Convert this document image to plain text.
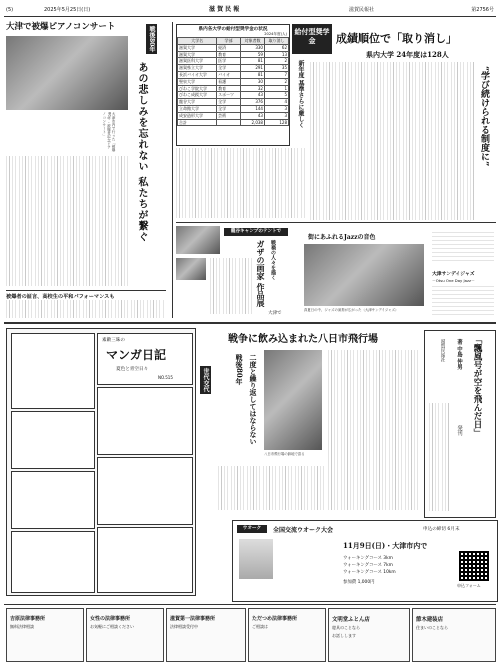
(5)	2025年5月25日(日)	滋 賀 民 報	滋賀民報社	第2756号
大津で被爆ピアノコンサート	戦後80年
大津市内で行った「被爆80年・被爆者記念ピアノコンサート」	あの悲しみを忘れない 私たちが繋ぐ
被爆者の証言、高校生の平和パフォーマンスも
県内各大学の給付型奨学金の状況
2024年度(人)
大学名	学部	対象者数	取り消し
滋賀大学	経済	330	62
滋賀大学	教育	59	13
滋賀医科大学	医学	81	2
滋賀県立大学	全学	291	35
長浜バイオ大学	バイオ	81	7
聖泉大学	看護	30	2
びわこ学院大学	教育	32	1
びわこ成蹊大学	スポーツ	43	5
龍谷大学	全学	376	4
立命館大学	全学	144	3
成安造形大学	芸術	43	3
合計		2,038	128
給付型奨学金	成績順位で「取り消し」
県内大学 24年度は128人
“学び続けられる制度に”
新年度 基準さらに厳しく
龍谷キャンプのテントで
ガザの画家 作品展 戦禍の人々を描く
大津で
街にあふれるJazzの音色
真夏日の中、ジャズの演奏が広がった（大津サンデイジャズ）
大津サンデイジャズ
－Otsu One Day Jazz－
素敵三昧の
マンガ日記
夏色と青空日々
NO.515
戦争に飲み込まれた八日市飛行場
世代交代	戦後80年 二度と繰り返してはならない
八日市飛行場の跡地で語る
「飄風号が空を飛んだ日」
著 中島 仲男
発刊
滋賀民報社
ウオーク	全国交流ウオーク大会	申込の締切 6月末
11月9日(日)・大津市内で
ウォーキングコース 3km
ウォーキングコース 7km
ウォーキングコース 10km
参加費 1,000円
申込フォーム
吉原法律事務所
無料法律相談
女性の法律事務所
お気軽にご相談ください
滋賀第一法律事務所
法律相談受付中
ただつめ法律事務所
ご相談は
文明堂ふとん店
寝具のことなら
お話しします
節木建装店
住まいのことなら
